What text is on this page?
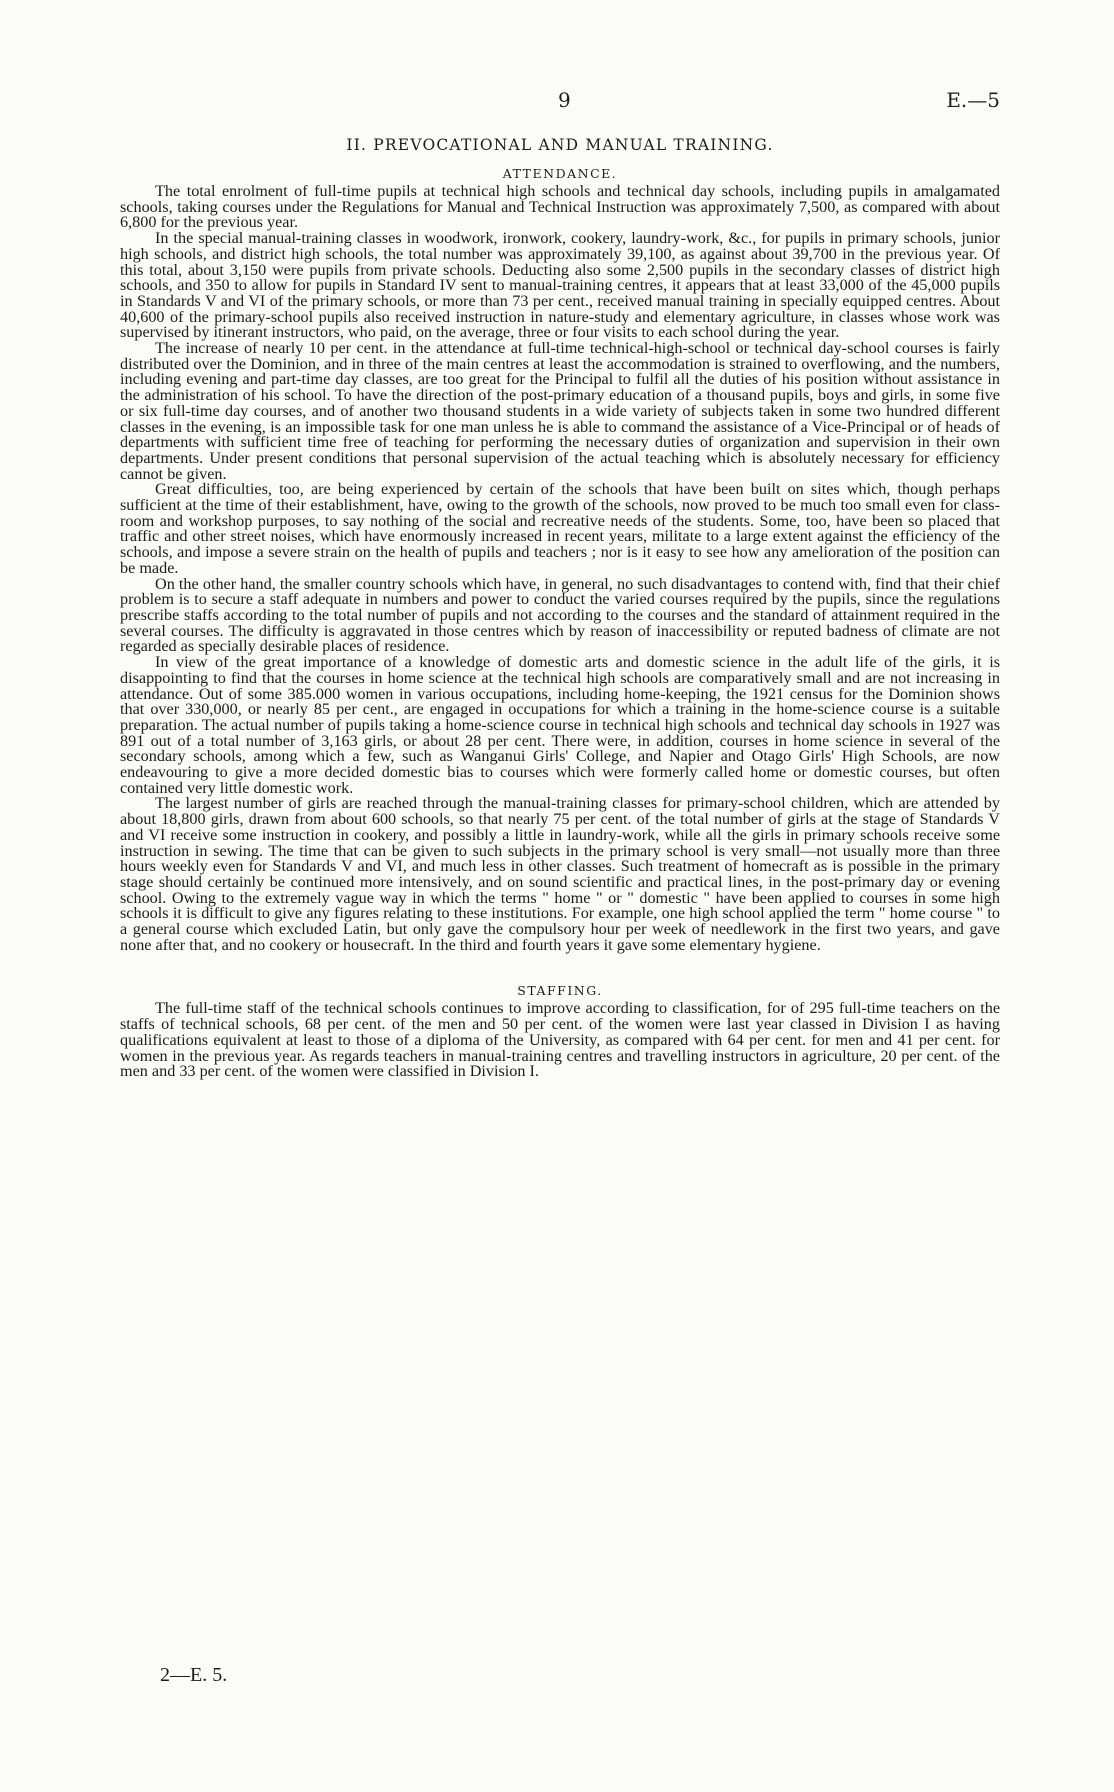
9	E.—5
II. PREVOCATIONAL AND MANUAL TRAINING.
ATTENDANCE.

The total enrolment of full-time pupils at technical high schools and technical day schools, including pupils in amalgamated schools, taking courses under the Regulations for Manual and Technical Instruction was approximately 7,500, as compared with about 6,800 for the previous year.

In the special manual-training classes in woodwork, ironwork, cookery, laundry-work, &c., for pupils in primary schools, junior high schools, and district high schools, the total number was approximately 39,100, as against about 39,700 in the previous year. Of this total, about 3,150 were pupils from private schools. Deducting also some 2,500 pupils in the secondary classes of district high schools, and 350 to allow for pupils in Standard IV sent to manual-training centres, it appears that at least 33,000 of the 45,000 pupils in Standards V and VI of the primary schools, or more than 73 per cent., received manual training in specially equipped centres. About 40,600 of the primary-school pupils also received instruction in nature-study and elementary agriculture, in classes whose work was supervised by itinerant instructors, who paid, on the average, three or four visits to each school during the year.

The increase of nearly 10 per cent. in the attendance at full-time technical-high-school or technical day-school courses is fairly distributed over the Dominion, and in three of the main centres at least the accommodation is strained to overflowing, and the numbers, including evening and part-time day classes, are too great for the Principal to fulfil all the duties of his position without assistance in the administration of his school. To have the direction of the post-primary education of a thousand pupils, boys and girls, in some five or six full-time day courses, and of another two thousand students in a wide variety of subjects taken in some two hundred different classes in the evening, is an impossible task for one man unless he is able to command the assistance of a Vice-Principal or of heads of departments with sufficient time free of teaching for performing the necessary duties of organization and supervision in their own departments. Under present conditions that personal supervision of the actual teaching which is absolutely necessary for efficiency cannot be given.

Great difficulties, too, are being experienced by certain of the schools that have been built on sites which, though perhaps sufficient at the time of their establishment, have, owing to the growth of the schools, now proved to be much too small even for class-room and workshop purposes, to say nothing of the social and recreative needs of the students. Some, too, have been so placed that traffic and other street noises, which have enormously increased in recent years, militate to a large extent against the efficiency of the schools, and impose a severe strain on the health of pupils and teachers ; nor is it easy to see how any amelioration of the position can be made.

On the other hand, the smaller country schools which have, in general, no such disadvantages to contend with, find that their chief problem is to secure a staff adequate in numbers and power to conduct the varied courses required by the pupils, since the regulations prescribe staffs according to the total number of pupils and not according to the courses and the standard of attainment required in the several courses. The difficulty is aggravated in those centres which by reason of inaccessibility or reputed badness of climate are not regarded as specially desirable places of residence.

In view of the great importance of a knowledge of domestic arts and domestic science in the adult life of the girls, it is disappointing to find that the courses in home science at the technical high schools are comparatively small and are not increasing in attendance. Out of some 385.000 women in various occupations, including home-keeping, the 1921 census for the Dominion shows that over 330,000, or nearly 85 per cent., are engaged in occupations for which a training in the home-science course is a suitable preparation. The actual number of pupils taking a home-science course in technical high schools and technical day schools in 1927 was 891 out of a total number of 3,163 girls, or about 28 per cent. There were, in addition, courses in home science in several of the secondary schools, among which a few, such as Wanganui Girls' College, and Napier and Otago Girls' High Schools, are now endeavouring to give a more decided domestic bias to courses which were formerly called home or domestic courses, but often contained very little domestic work.

The largest number of girls are reached through the manual-training classes for primary-school children, which are attended by about 18,800 girls, drawn from about 600 schools, so that nearly 75 per cent. of the total number of girls at the stage of Standards V and VI receive some instruction in cookery, and possibly a little in laundry-work, while all the girls in primary schools receive some instruction in sewing. The time that can be given to such subjects in the primary school is very small—not usually more than three hours weekly even for Standards V and VI, and much less in other classes. Such treatment of homecraft as is possible in the primary stage should certainly be continued more intensively, and on sound scientific and practical lines, in the post-primary day or evening school. Owing to the extremely vague way in which the terms " home " or " domestic " have been applied to courses in some high schools it is difficult to give any figures relating to these institutions. For example, one high school applied the term " home course " to a general course which excluded Latin, but only gave the compulsory hour per week of needlework in the first two years, and gave none after that, and no cookery or housecraft. In the third and fourth years it gave some elementary hygiene.

STAFFING.

The full-time staff of the technical schools continues to improve according to classification, for of 295 full-time teachers on the staffs of technical schools, 68 per cent. of the men and 50 per cent. of the women were last year classed in Division I as having qualifications equivalent at least to those of a diploma of the University, as compared with 64 per cent. for men and 41 per cent. for women in the previous year. As regards teachers in manual-training centres and travelling instructors in agriculture, 20 per cent. of the men and 33 per cent. of the women were classified in Division I.

2—E. 5.
